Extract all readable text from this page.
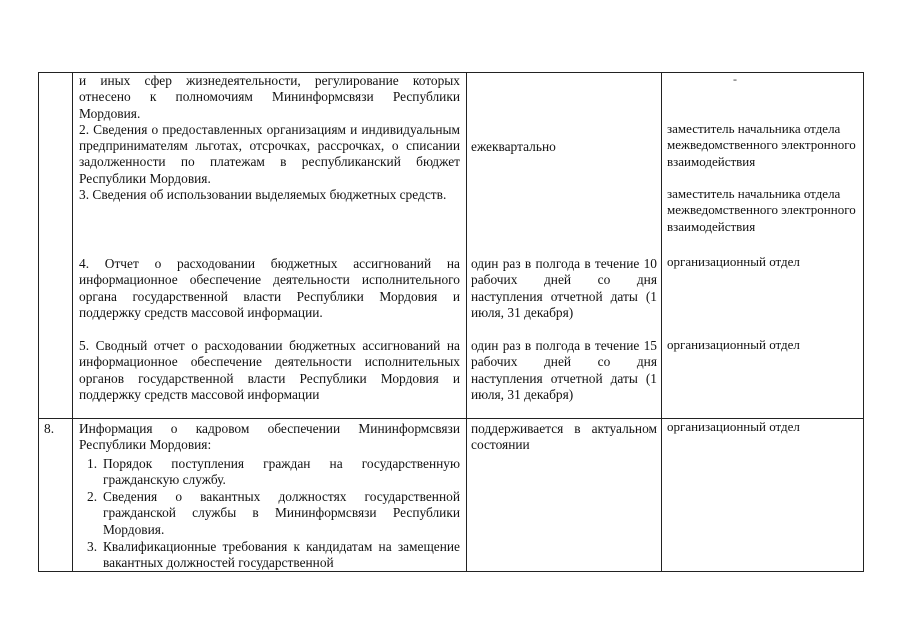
и иных сфер жизнедеятельности, регулирование которых отнесено к полномочиям Мининформсвязи Республики Мордовия.

2. Сведения о предоставленных организациям и индивидуальным предпринимателям льготах, отсрочках, рассрочках, о списании задолженности по платежам в республиканский бюджет Республики Мордовия.

3. Сведения об использовании выделяемых бюджетных средств.

4. Отчет о расходовании бюджетных ассигнований на информационное обеспечение деятельности исполнительного органа государственной власти Республики Мордовия и поддержку средств массовой информации.

5. Сводный отчет о расходовании бюджетных ассигнований на информационное обеспечение деятельности исполнительных органов государственной власти Республики Мордовия и поддержку средств массовой информации

ежеквартально
один раз в полгода в течение 10 рабочих дней со дня наступления отчетной даты (1 июля, 31 декабря)
один раз в полгода в течение 15 рабочих дней со дня наступления отчетной даты (1 июля, 31 декабря)
-
заместитель начальника отдела межведомственного электронного взаимодействия
заместитель начальника отдела межведомственного электронного взаимодействия
организационный отдел
организационный отдел
8.	Информация о кадровом обеспечении Мининформсвязи Республики Мордовия:

1. Порядок поступления граждан на государственную гражданскую службу.
2. Сведения о вакантных должностях государственной гражданской службы в Мининформсвязи Республики Мордовия.
3. Квалификационные требования к кандидатам на замещение вакантных должностей государственной
поддерживается в актуальном состоянии
организационный отдел
